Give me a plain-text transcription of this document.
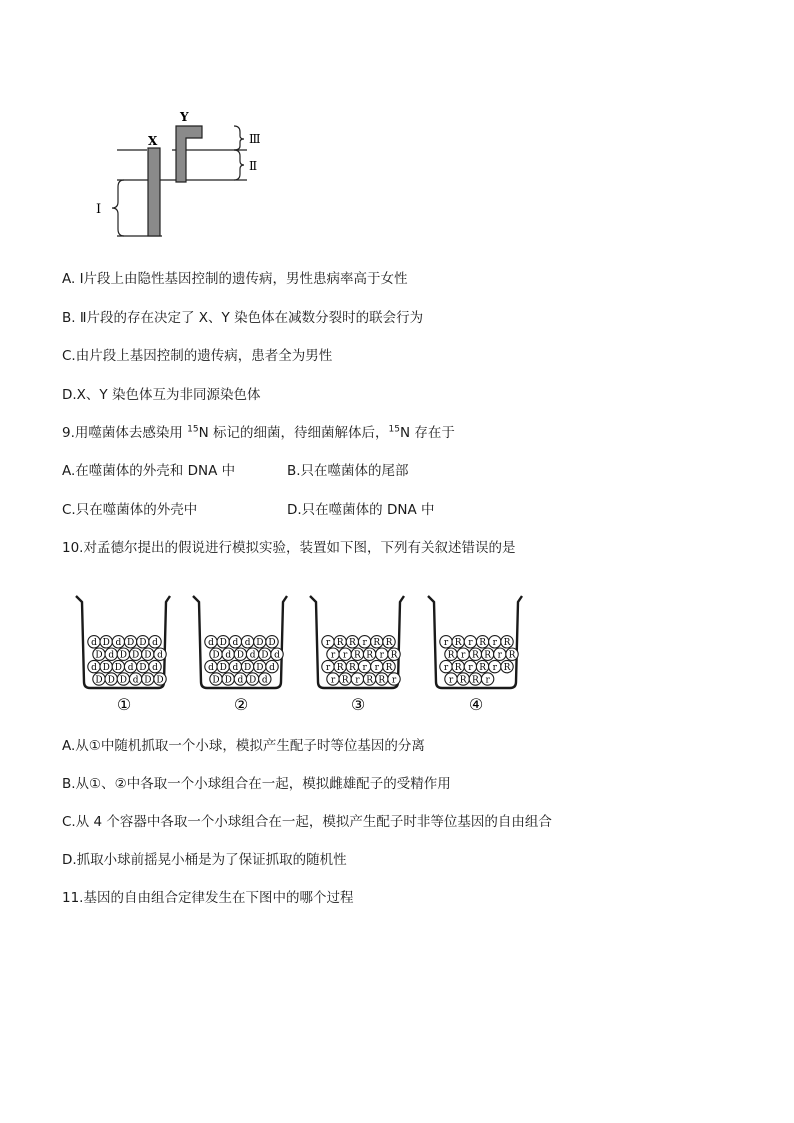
X
Y
Ⅲ
Ⅱ
Ⅰ
A. Ⅰ片段上由隐性基因控制的遗传病，男性患病率高于女性
B. Ⅱ片段的存在决定了 X、Y 染色体在减数分裂时的联会行为
C.由片段上基因控制的遗传病，患者全为男性
D.X、Y 染色体互为非同源染色体
9.用噬菌体去感染用 $^{15}$N 标记的细菌，待细菌解体后，$^{15}$N 存在于
A.在噬菌体的外壳和 DNA 中	B.只在噬菌体的尾部
C.只在噬菌体的外壳中	D.只在噬菌体的 DNA 中
10.对孟德尔提出的假说进行模拟实验，装置如下图，下列有关叙述错误的是
d D d D D d
D d D D D d
d D D d D d
D D D d D D
①
d D d d D D
D d D d D d
d D d D D d
D D d D d
②
r R R r R R
r r R R r R
r R R r r R
r R r R R r
③
r R r R r R
R r R R r R
r R r R r R
r R R r
④
A.从①中随机抓取一个小球，模拟产生配子时等位基因的分离
B.从①、②中各取一个小球组合在一起，模拟雌雄配子的受精作用
C.从 4 个容器中各取一个小球组合在一起，模拟产生配子时非等位基因的自由组合
D.抓取小球前摇晃小桶是为了保证抓取的随机性
11.基因的自由组合定律发生在下图中的哪个过程
